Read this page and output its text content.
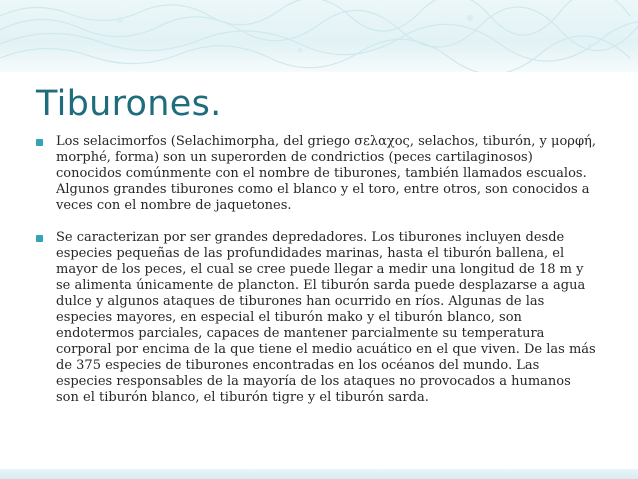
Tiburones.

Los selacimorfos (Selachimorpha, del griego σελαχος, selachos, tiburón, y μορφή, morphé, forma) son un superorden de condrictios (peces cartilaginosos) conocidos comúnmente con el nombre de tiburones, también llamados escualos. Algunos grandes tiburones como el blanco y el toro, entre otros, son conocidos a veces con el nombre de jaquetones.

Se caracterizan por ser grandes depredadores. Los tiburones incluyen desde especies pequeñas de las profundidades marinas, hasta el tiburón ballena, el mayor de los peces, el cual se cree puede llegar a medir una longitud de 18 m y se alimenta únicamente de plancton. El tiburón sarda puede desplazarse a agua dulce y algunos ataques de tiburones han ocurrido en ríos. Algunas de las especies mayores, en especial el tiburón mako y el tiburón blanco, son endotermos parciales, capaces de mantener parcialmente su temperatura corporal por encima de la que tiene el medio acuático en el que viven. De las más de 375 especies de tiburones encontradas en los océanos del mundo. Las especies responsables de la mayoría de los ataques no provocados a humanos son el tiburón blanco, el tiburón tigre y el tiburón sarda.
